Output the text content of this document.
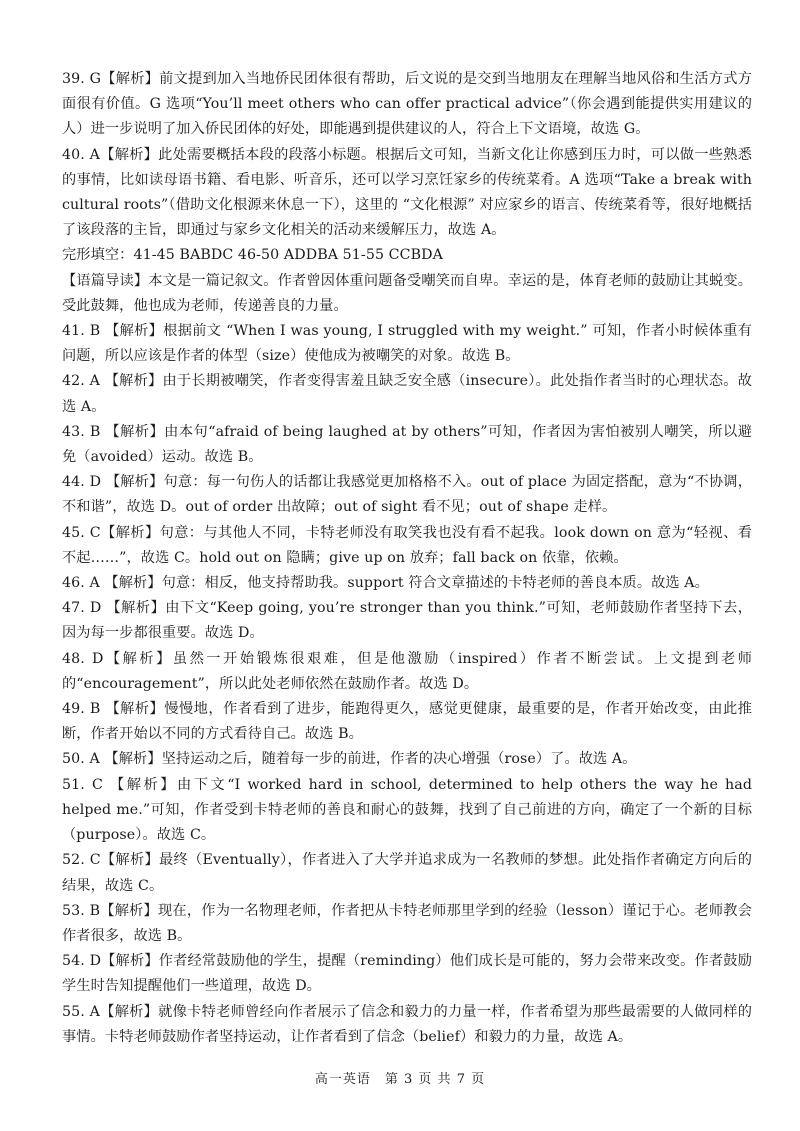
39. G【解析】前文提到加入当地侨民团体很有帮助，后文说的是交到当地朋友在理解当地风俗和生活方式方面很有价值。G 选项“You’ll meet others who can offer practical advice”（你会遇到能提供实用建议的人）进一步说明了加入侨民团体的好处，即能遇到提供建议的人，符合上下文语境，故选 G。

40. A【解析】此处需要概括本段的段落小标题。根据后文可知，当新文化让你感到压力时，可以做一些熟悉的事情，比如读母语书籍、看电影、听音乐，还可以学习烹饪家乡的传统菜肴。A 选项“Take a break with cultural roots”（借助文化根源来休息一下），这里的 “文化根源” 对应家乡的语言、传统菜肴等，很好地概括了该段落的主旨，即通过与家乡文化相关的活动来缓解压力，故选 A。

完形填空：41-45 BABDC 46-50 ADDBA 51-55 CCBDA

【语篇导读】本文是一篇记叙文。作者曾因体重问题备受嘲笑而自卑。幸运的是，体育老师的鼓励让其蜕变。受此鼓舞，他也成为老师，传递善良的力量。

41. B 【解析】根据前文 “When I was young, I struggled with my weight.” 可知，作者小时候体重有问题，所以应该是作者的体型（size）使他成为被嘲笑的对象。故选 B。

42. A 【解析】由于长期被嘲笑，作者变得害羞且缺乏安全感（insecure）。此处指作者当时的心理状态。故选 A。

43. B 【解析】由本句“afraid of being laughed at by others”可知，作者因为害怕被别人嘲笑，所以避免（avoided）运动。故选 B。

44. D 【解析】句意：每一句伤人的话都让我感觉更加格格不入。out of place 为固定搭配，意为“不协调，不和谐”，故选 D。out of order 出故障；out of sight 看不见；out of shape 走样。

45. C【解析】句意：与其他人不同，卡特老师没有取笑我也没有看不起我。look down on 意为“轻视、看不起……”，故选 C。hold out on 隐瞒；give up on 放弃；fall back on 依靠，依赖。

46. A 【解析】句意：相反，他支持帮助我。support 符合文章描述的卡特老师的善良本质。故选 A。

47. D 【解析】由下文“Keep going, you’re stronger than you think.”可知，老师鼓励作者坚持下去，因为每一步都很重要。故选 D。

48. D【解析】虽然一开始锻炼很艰难，但是他激励（inspired）作者不断尝试。上文提到老师的“encouragement”，所以此处老师依然在鼓励作者。故选 D。

49. B 【解析】慢慢地，作者看到了进步，能跑得更久，感觉更健康，最重要的是，作者开始改变，由此推断，作者开始以不同的方式看待自己。故选 B。

50. A 【解析】坚持运动之后，随着每一步的前进，作者的决心增强（rose）了。故选 A。

51. C 【解析】由下文“I worked hard in school, determined to help others the way he had helped me.”可知，作者受到卡特老师的善良和耐心的鼓舞，找到了自己前进的方向，确定了一个新的目标（purpose）。故选 C。

52. C【解析】最终（Eventually），作者进入了大学并追求成为一名教师的梦想。此处指作者确定方向后的结果，故选 C。

53. B【解析】现在，作为一名物理老师，作者把从卡特老师那里学到的经验（lesson）谨记于心。老师教会作者很多，故选 B。

54. D【解析】作者经常鼓励他的学生，提醒（reminding）他们成长是可能的，努力会带来改变。作者鼓励学生时告知提醒他们一些道理，故选 D。

55. A【解析】就像卡特老师曾经向作者展示了信念和毅力的力量一样，作者希望为那些最需要的人做同样的事情。卡特老师鼓励作者坚持运动，让作者看到了信念（belief）和毅力的力量，故选 A。

高一英语　第 3 页 共 7 页
